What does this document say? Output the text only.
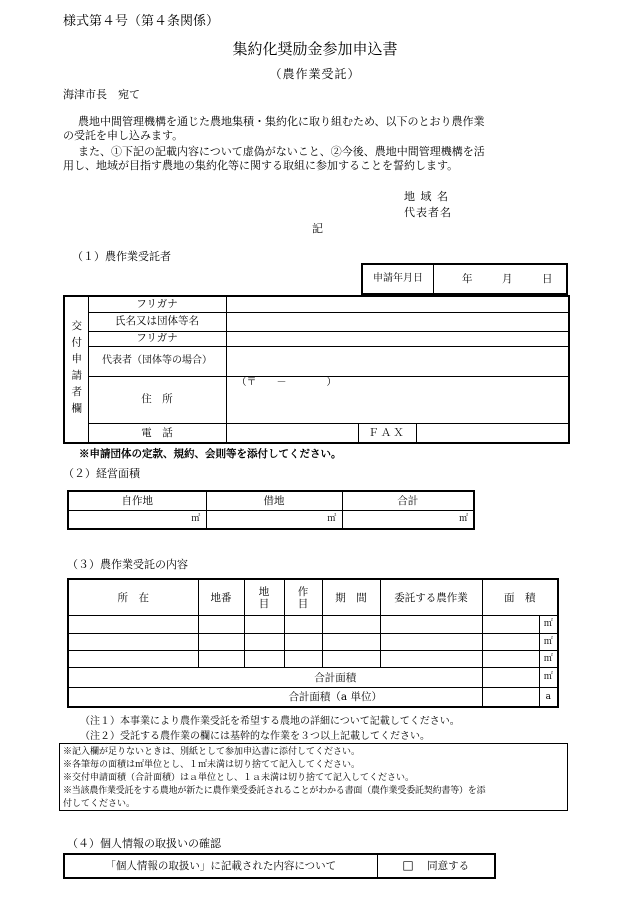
様式第４号（第４条関係）
集約化奨励金参加申込書
（農作業受託）
海津市長　宛て
農地中間管理機構を通じた農地集積・集約化に取り組むため、以下のとおり農作業
の受託を申し込みます。
また、①下記の記載内容について虚偽がないこと、②今後、農地中間管理機構を活
用し、地域が目指す農地の集約化等に関する取組に参加することを誓約します。
地 域 名
代表者名
記
（１）農作業受託者
申請年月日	年	月	日
交付申請者欄	フリガナ			
	氏名又は団体等名			
	フリガナ			
	代表者（団体等の場合）			
	住　所	（〒　　－　　　　）		

	電　話		ＦＡＸ	
※申請団体の定款、規約、会則等を添付してください。
（２）経営面積
自作地		借地		合計	
	㎡		㎡		㎡
（３）農作業受託の内容
所　在	地番	地目	作目	期　間	委託する農作業	面　積	
							㎡
							㎡
							㎡
合計面積							㎡
合計面積（a 単位）							a
（注１）本事業により農作業受託を希望する農地の詳細について記載してください。
（注２）受託する農作業の欄には基幹的な作業を３つ以上記載してください。
※記入欄が足りないときは、別紙として参加申込書に添付してください。
※各筆毎の面積は㎡単位とし、１㎡未満は切り捨てて記入してください。
※交付申請面積（合計面積）はａ単位とし、１ａ未満は切り捨てて記入してください。
※当該農作業受託をする農地が新たに農作業受委託されることがわかる書面（農作業受委託契約書等）を添
付してください。
（４）個人情報の取扱いの確認
「個人情報の取扱い」に記載された内容について	□ 同意する
